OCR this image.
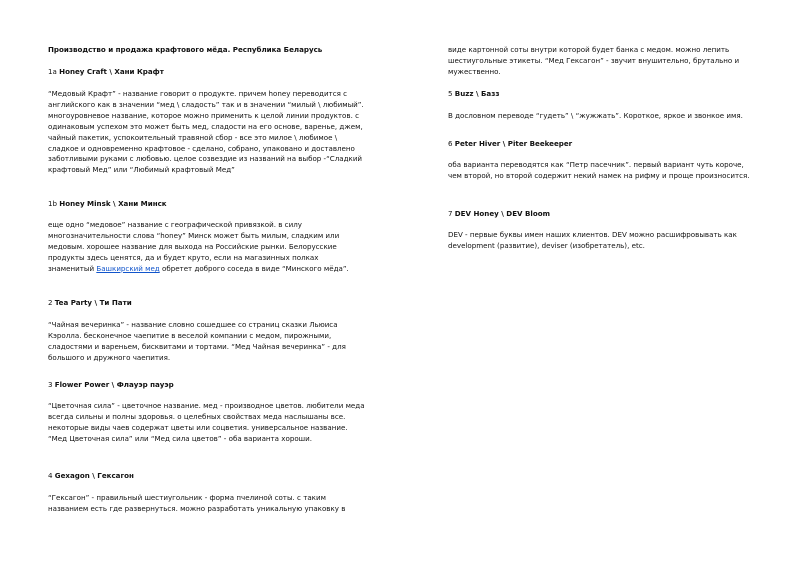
Производство и продажа крафтового мёда. Республика Беларусь
1a Honey Craft \ Хани Крафт

“Медовый Крафт” - название говорит о продукте. причем honey переводится с английского как в значении “мед \ сладость” так и в значении “милый \ любимый”. многоуровневое название, которое можно применить к целой линии продуктов. с одинаковым успехом это может быть мед, сладости на его основе, варенье, джем, чайный пакетик, успокоительный травяной сбор - все это милое \ любимое \ сладкое и одновременно крафтовое - сделано, собрано, упаковано и доставлено заботливыми руками с любовью. целое созвездие из названий на выбор -“Сладкий крафтовый Мед” или “Любимый крафтовый Мед”

1b Honey Minsk \ Хани Минск

еще одно “медовое” название с географической привязкой. в силу многозначительности слова “honey” Минск может быть милым, сладким или медовым. хорошее название для выхода на Российские рынки. Белорусские продукты здесь ценятся, да и будет круто, если на магазинных полках знаменитый Башкирский мед обретет доброго соседа в виде “Минского мёда”.

2 Tea Party \ Ти Пати

“Чайная вечеринка” - название словно сошедшее со страниц сказки Льюиса Кэролла. бесконечное чаепитие в веселой компании с медом, пирожными, сладостями и вареньем, бисквитами и тортами. “Мед Чайная вечеринка” - для большого и дружного чаепития.

3 Flower Power \ Флауэр пауэр

“Цветочная сила” - цветочное название. мед - производное цветов. любители меда всегда сильны и полны здоровья. о целебных свойствах меда наслышаны все. некоторые виды чаев содержат цветы или соцветия. универсальное название. “Мед Цветочная сила” или “Мед сила цветов” - оба варианта хороши.

4 Gexagon \ Гексагон

“Гексагон” - правильный шестиугольник - форма пчелиной соты. с таким названием есть где развернуться. можно разработать уникальную упаковку в

виде картонной соты внутри которой будет банка с медом. можно лепить шестиугольные этикеты. “Мед Гексагон” - звучит внушительно, брутально и мужественно.

5 Buzz \ Базз

В дословном переводе “гудеть” \ “жужжать”. Короткое, яркое и звонкое имя.

6 Peter Hiver \ Piter Beekeeper

оба варианта переводятся как “Петр пасечник”. первый вариант чуть короче, чем второй, но второй содержит некий намек на рифму и проще произносится.

7 DEV Honey \ DEV Bloom

DEV - первые буквы имен наших клиентов. DEV можно расшифровывать как development (развитие), deviser (изобретатель), etc.
